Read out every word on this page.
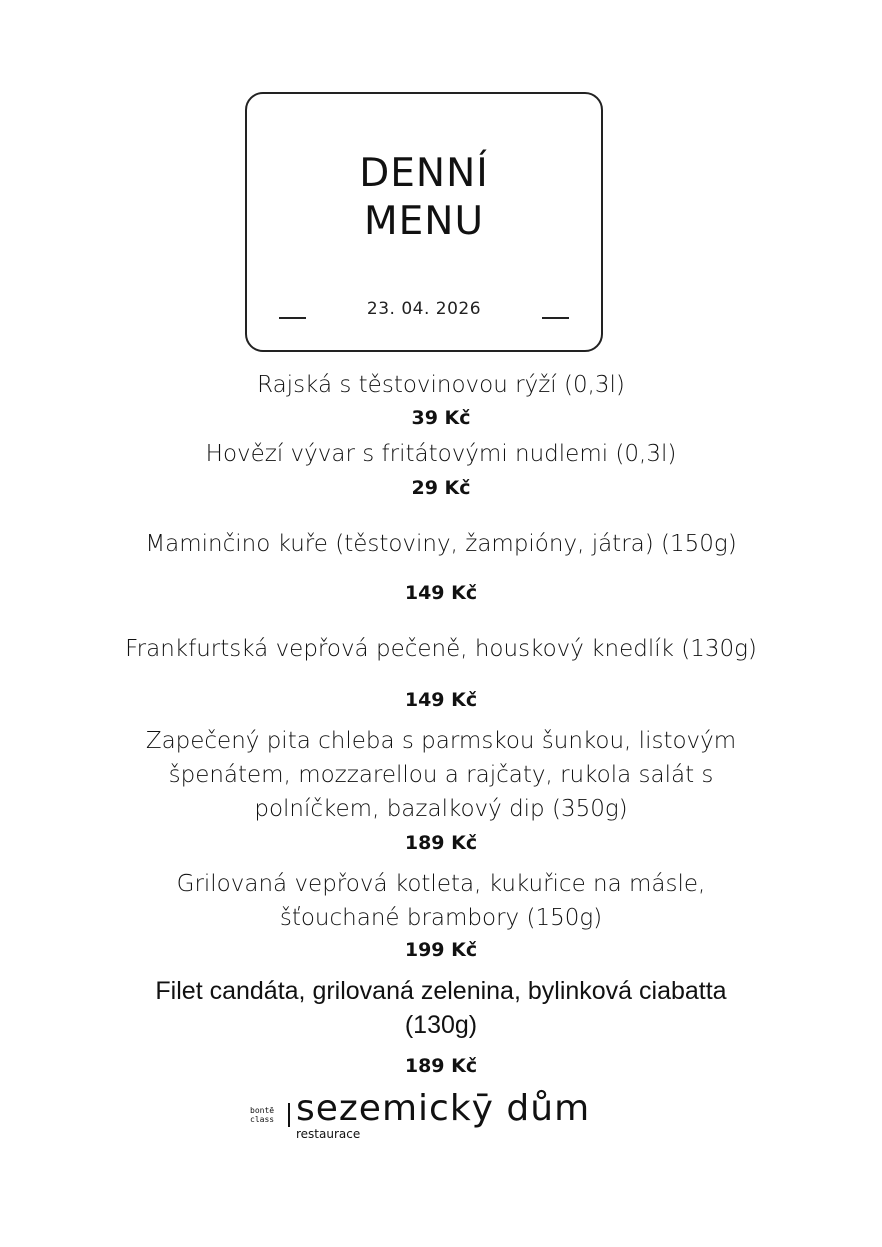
DENNÍ
MENU
23. 04. 2026
Rajská s těstovinovou rýží (0,3l)
39 Kč
Hovězí vývar s fritátovými nudlemi (0,3l)
29 Kč
Maminčino kuře (těstoviny, žampióny, játra) (150g)
149 Kč
Frankfurtská vepřová pečeně, houskový knedlík (130g)
149 Kč
Zapečený pita chleba s parmskou šunkou, listovým
špenátem, mozzarellou a rajčaty, rukola salát s
polníčkem, bazalkový dip (350g)
189 Kč
Grilovaná vepřová kotleta, kukuřice na másle,
šťouchané brambory (150g)
199 Kč
Filet candáta, grilovaná zelenina, bylinková ciabatta
(130g)
189 Kč
bontē
class sezemickȳ dům
restaurace
